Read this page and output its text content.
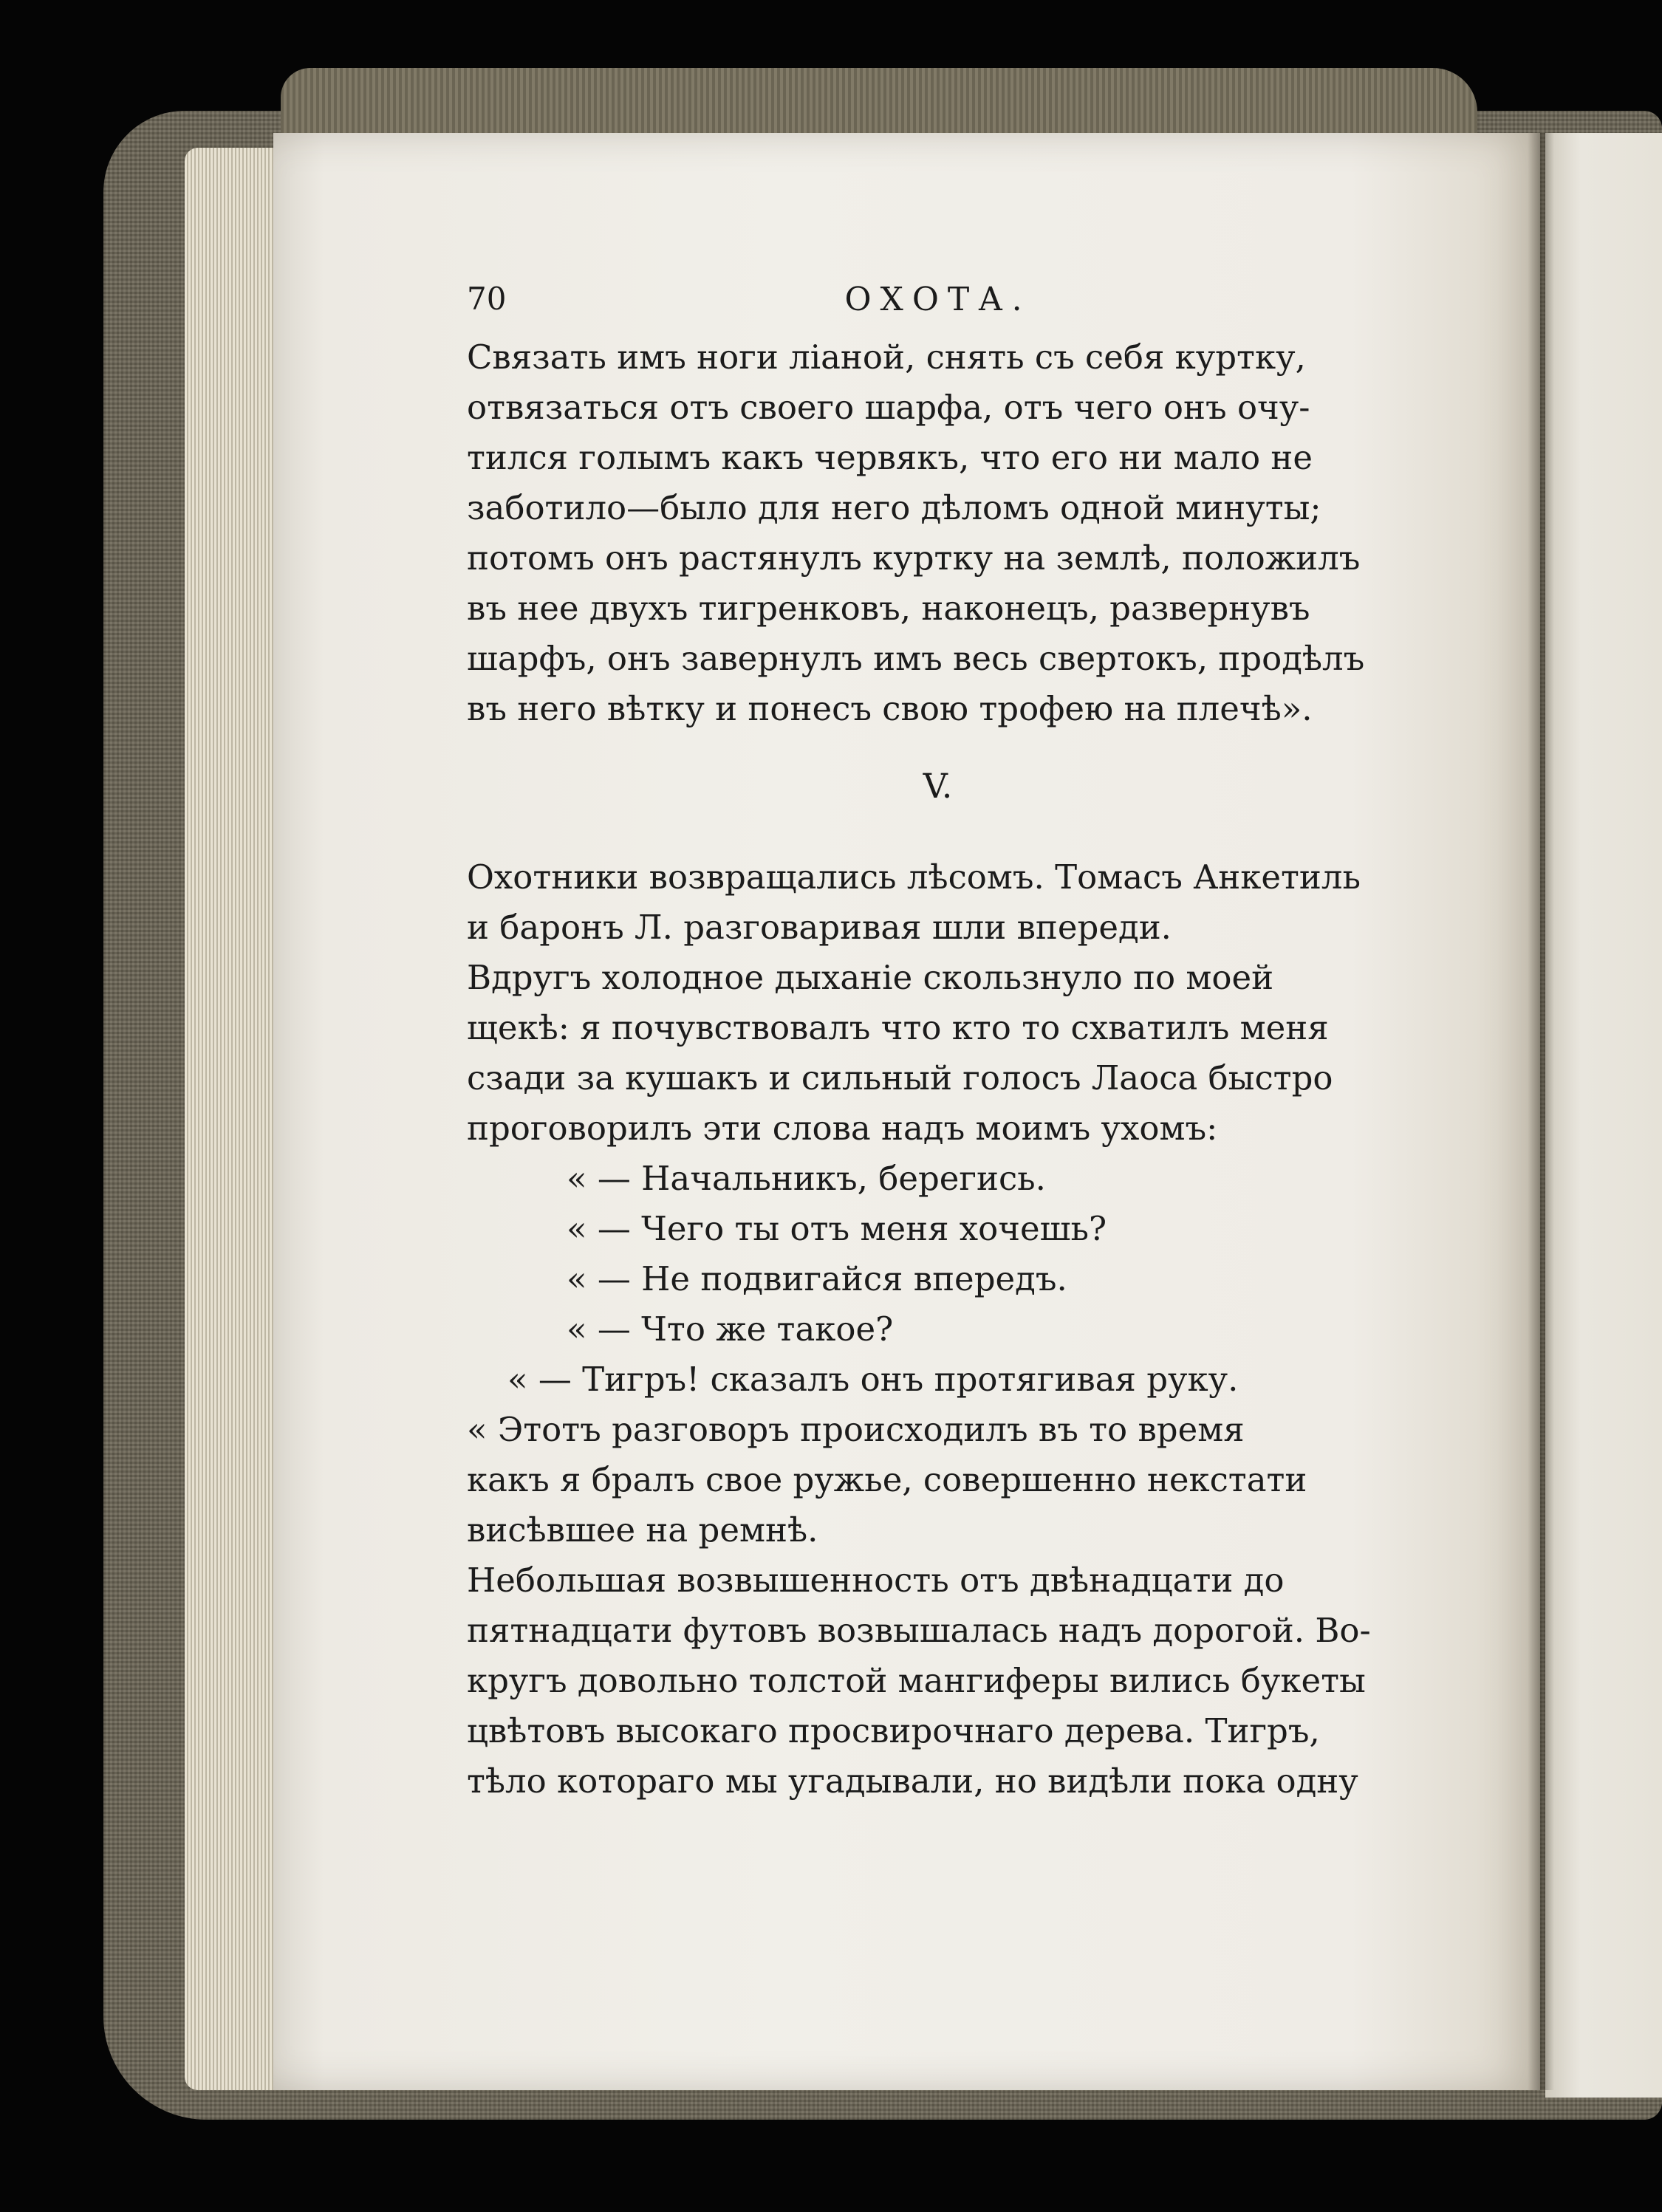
70	ОХОТА.

Связать имъ ноги ліаной, снять съ себя куртку,
отвязаться отъ своего шарфа, отъ чего онъ очу-
тился голымъ какъ червякъ, что его ни мало не
заботило—было для него дѣломъ одной минуты;
потомъ онъ растянулъ куртку на землѣ, положилъ
въ нее двухъ тигренковъ, наконецъ, развернувъ
шарфъ, онъ завернулъ имъ весь свертокъ, продѣлъ
въ него вѣтку и понесъ свою трофею на плечѣ».

V.

Охотники возвращались лѣсомъ. Томасъ Анкетиль
и баронъ Л. разговаривая шли впереди.

Вдругъ холодное дыханіе скользнуло по моей
щекѣ: я почувствовалъ что кто то схватилъ меня
сзади за кушакъ и сильный голосъ Лаоса быстро
проговорилъ эти слова надъ моимъ ухомъ:

« — Начальникъ, берегись.
« — Чего ты отъ меня хочешь?
« — Не подвигайся впередъ.
« — Что же такое?
« — Тигръ! сказалъ онъ протягивая руку.

« Этотъ разговоръ происходилъ въ то время
какъ я бралъ свое ружье, совершенно некстати
висѣвшее на ремнѣ.

Небольшая возвышенность отъ двѣнадцати до
пятнадцати футовъ возвышалась надъ дорогой. Во-
кругъ довольно толстой мангиферы вились букеты
цвѣтовъ высокаго просвирочнаго дерева. Тигръ,
тѣло котораго мы угадывали, но видѣли пока одну
